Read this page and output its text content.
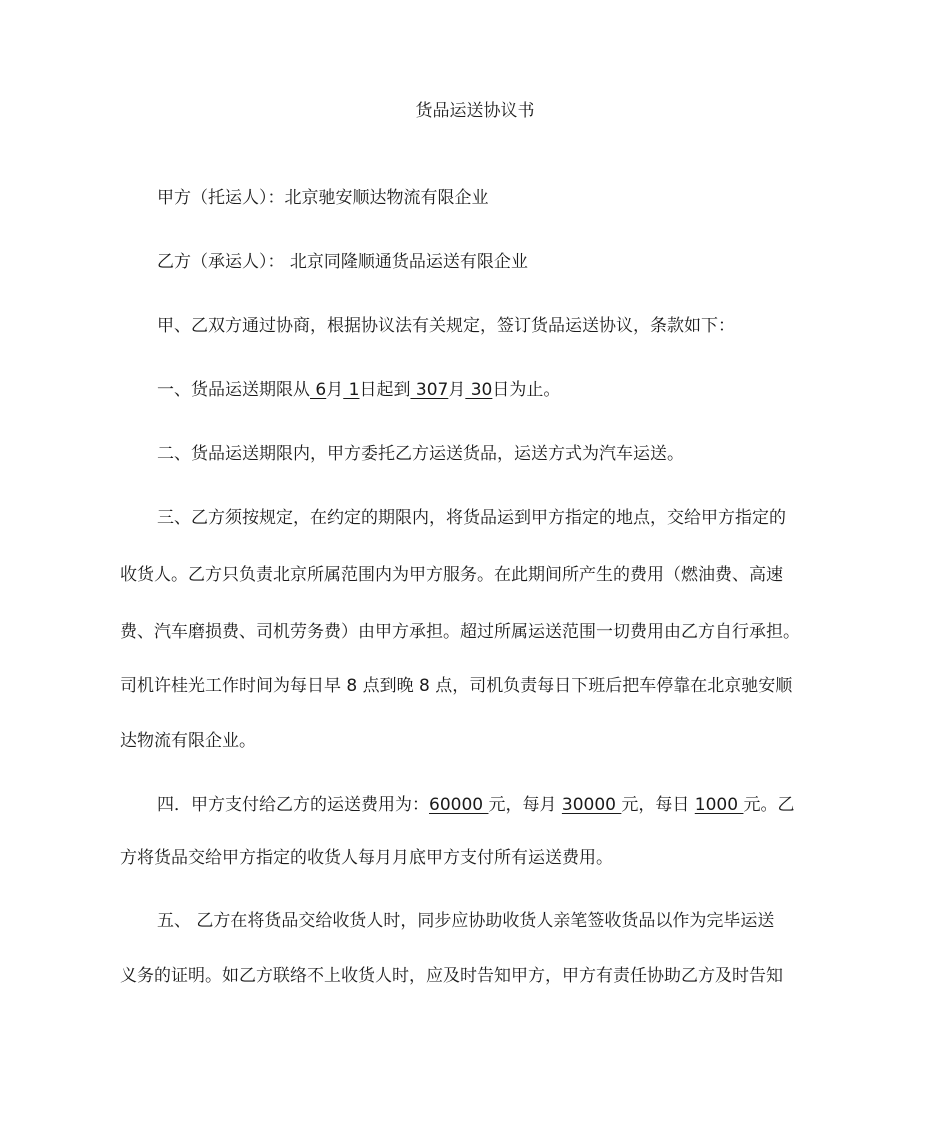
货品运送协议书
甲方（托运人）：北京驰安顺达物流有限企业
乙方（承运人）： 北京同隆顺通货品运送有限企业
甲、乙双方通过协商，根据协议法有关规定，签订货品运送协议，条款如下：
一、货品运送期限从 6月 1日起到 307月 30日为止。
二、货品运送期限内，甲方委托乙方运送货品，运送方式为汽车运送。
三、乙方须按规定，在约定的期限内，将货品运到甲方指定的地点，交给甲方指定的
收货人。乙方只负责北京所属范围内为甲方服务。在此期间所产生的费用（燃油费、高速
费、汽车磨损费、司机劳务费）由甲方承担。超过所属运送范围一切费用由乙方自行承担。
司机许桂光工作时间为每日早 8 点到晚 8 点，司机负责每日下班后把车停靠在北京驰安顺
达物流有限企业。
四．甲方支付给乙方的运送费用为：60000 元，每月 30000 元，每日 1000 元。乙
方将货品交给甲方指定的收货人每月月底甲方支付所有运送费用。
五、 乙方在将货品交给收货人时，同步应协助收货人亲笔签收货品以作为完毕运送
义务的证明。如乙方联络不上收货人时，应及时告知甲方，甲方有责任协助乙方及时告知
